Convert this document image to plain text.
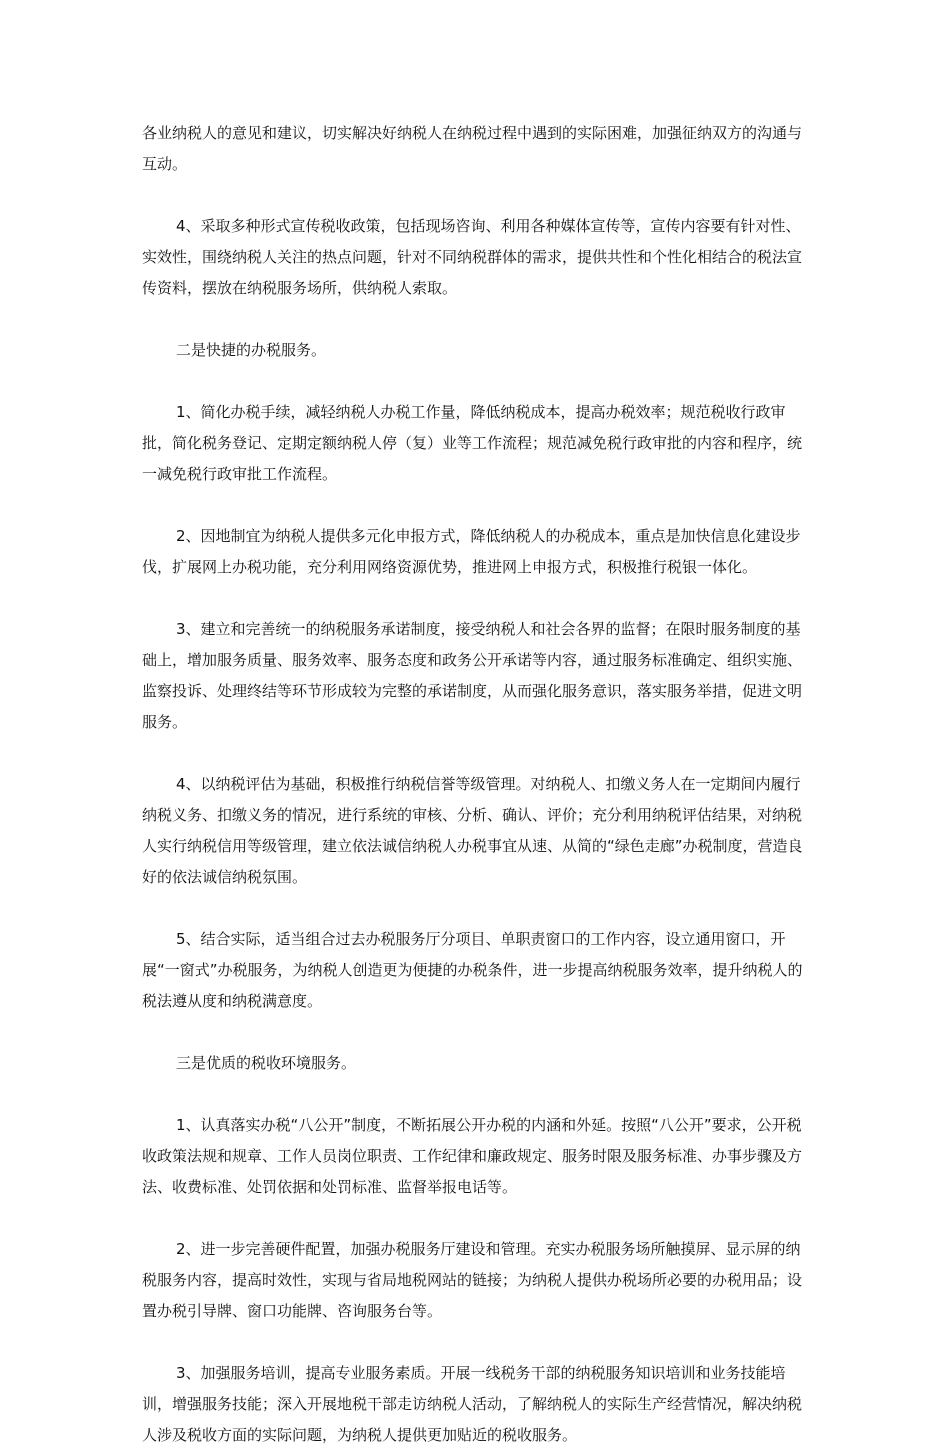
各业纳税人的意见和建议，切实解决好纳税人在纳税过程中遇到的实际困难，加强征纳双方的沟通与互动。

4、采取多种形式宣传税收政策，包括现场咨询、利用各种媒体宣传等，宣传内容要有针对性、实效性，围绕纳税人关注的热点问题，针对不同纳税群体的需求，提供共性和个性化相结合的税法宣传资料，摆放在纳税服务场所，供纳税人索取。

二是快捷的办税服务。

1、简化办税手续，减轻纳税人办税工作量，降低纳税成本，提高办税效率；规范税收行政审批，简化税务登记、定期定额纳税人停（复）业等工作流程；规范减免税行政审批的内容和程序，统一减免税行政审批工作流程。

2、因地制宜为纳税人提供多元化申报方式，降低纳税人的办税成本，重点是加快信息化建设步伐，扩展网上办税功能，充分利用网络资源优势，推进网上申报方式，积极推行税银一体化。

3、建立和完善统一的纳税服务承诺制度，接受纳税人和社会各界的监督；在限时服务制度的基础上，增加服务质量、服务效率、服务态度和政务公开承诺等内容，通过服务标准确定、组织实施、监察投诉、处理终结等环节形成较为完整的承诺制度，从而强化服务意识，落实服务举措，促进文明服务。

4、以纳税评估为基础，积极推行纳税信誉等级管理。对纳税人、扣缴义务人在一定期间内履行纳税义务、扣缴义务的情况，进行系统的审核、分析、确认、评价；充分利用纳税评估结果，对纳税人实行纳税信用等级管理，建立依法诚信纳税人办税事宜从速、从简的“绿色走廊”办税制度，营造良好的依法诚信纳税氛围。

5、结合实际，适当组合过去办税服务厅分项目、单职责窗口的工作内容，设立通用窗口，开展“一窗式”办税服务，为纳税人创造更为便捷的办税条件，进一步提高纳税服务效率，提升纳税人的税法遵从度和纳税满意度。

三是优质的税收环境服务。

1、认真落实办税“八公开”制度，不断拓展公开办税的内涵和外延。按照“八公开”要求，公开税收政策法规和规章、工作人员岗位职责、工作纪律和廉政规定、服务时限及服务标准、办事步骤及方法、收费标准、处罚依据和处罚标准、监督举报电话等。

2、进一步完善硬件配置，加强办税服务厅建设和管理。充实办税服务场所触摸屏、显示屏的纳税服务内容，提高时效性，实现与省局地税网站的链接；为纳税人提供办税场所必要的办税用品；设置办税引导牌、窗口功能牌、咨询服务台等。

3、加强服务培训，提高专业服务素质。开展一线税务干部的纳税服务知识培训和业务技能培训，增强服务技能；深入开展地税干部走访纳税人活动，了解纳税人的实际生产经营情况，解决纳税人涉及税收方面的实际问题，为纳税人提供更加贴近的税收服务。
